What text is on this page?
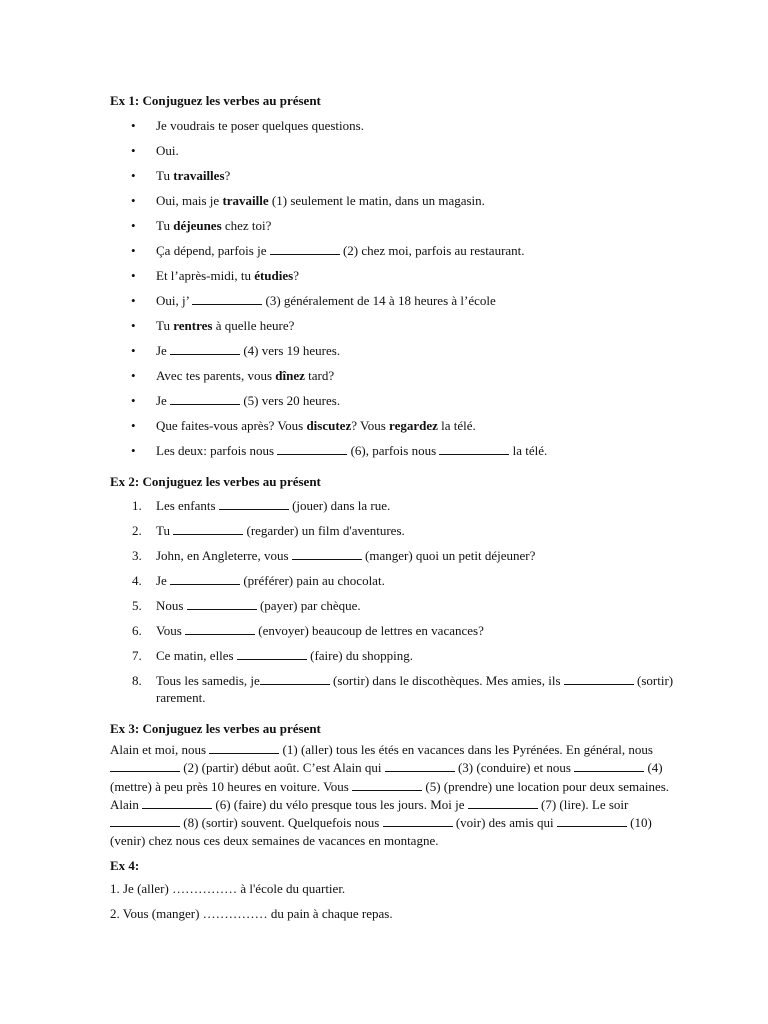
Ex 1: Conjuguez les verbes au présent
• Je voudrais te poser quelques questions.
• Oui.
• Tu travailles?
• Oui, mais je travaille (1) seulement le matin, dans un magasin.
• Tu déjeunes chez toi?
• Ça dépend, parfois je	(2) chez moi, parfois au restaurant.
• Et l’après-midi, tu étudies?
• Oui, j’	(3) généralement de 14 à 18 heures à l’école
• Tu rentres à quelle heure?
• Je	(4) vers 19 heures.
• Avec tes parents, vous dînez tard?
• Je	(5) vers 20 heures.
• Que faites-vous après? Vous discutez? Vous regardez la télé.
• Les deux: parfois nous	(6), parfois nous	la télé.
Ex 2: Conjuguez les verbes au présent
1. Les enfants	(jouer) dans la rue.
2. Tu	(regarder) un film d'aventures.
3. John, en Angleterre, vous	(manger) quoi un petit déjeuner?
4. Je	(préférer) pain au chocolat.
5. Nous	(payer) par chèque.
6. Vous	(envoyer) beaucoup de lettres en vacances?
7. Ce matin, elles	(faire) du shopping.
8. Tous les samedis, je	(sortir) dans le discothèques. Mes amies, ils	(sortir) rarement.
Ex 3: Conjuguez les verbes au présent

Alain et moi, nous	(1) (aller) tous les étés en vacances dans les Pyrénées. En général, nous  (2) (partir) début août. C’est Alain qui	(3) (conduire) et nous	(4) (mettre) à peu près 10 heures en voiture. Vous	(5) (prendre) une location pour deux semaines. Alain	(6) (faire) du vélo presque tous les jours. Moi je	(7) (lire). Le soir  (8) (sortir) souvent. Quelquefois nous	(voir) des amis qui	(10) (venir) chez nous ces deux semaines de vacances en montagne.

Ex 4:
1. Je (aller) …………… à l'école du quartier.
2. Vous (manger) …………… du pain à chaque repas.
